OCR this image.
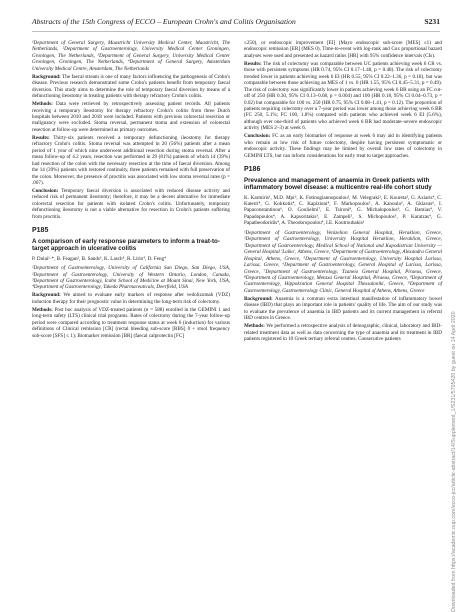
Abstracts of the 15th Congress of ECCO – European Crohn's and Colitis Organisation	S231

¹Department of General Surgery, Maastricht University Medical Center, Maastricht, The Netherlands, ²Department of Gastroenterology, University Medical Center Groningen, Groningen, The Netherlands, ³Department of General Surgery, University Medical Center Groningen, Groningen, The Netherlands, ⁴Department of General Surgery, Amsterdam University Medical Centre, Amsterdam, The Netherlands

Background: The faecal stream is one of many factors influencing the pathogenesis of Crohn's disease. Previous research demonstrated some Crohn's patients benefit from temporary faecal diversion. This study aims to determine the role of temporary faecal diversion by means of a defunctioning ileostomy in treating patients with therapy refractory Crohn's colitis.

Methods: Data were retrieved by retrospectively assessing patient records. All patients receiving a temporary ileostomy for therapy refractory Crohn's colitis from three Dutch hospitals between 2010 and 2018 were included. Patients with previous colorectal resection or malignancy were excluded. Stoma reversal, permanent stoma and extension of colorectal resection at follow-up were determined as primary outcomes.

Results: Thirty-six patients received a temporary defunctioning ileostomy for therapy refractory Crohn's colitis. Stoma reversal was attempted in 20 (56%) patients after a mean period of 1 year of which nine underwent additional resection during stoma reversal. After a mean follow-up of 4.2 years, resection was performed in 29 (81%) patients of which 14 (39%) had resection of the colon with the necessary resection at the time of faecal diversion. Among the 14 (39%) patients with restored continuity, three patients remained with full preservation of the colon. Moreover, the presence of proctitis was associated with low stoma reversal rates (p = .007).

Conclusion: Temporary faecal diversion is associated with reduced disease activity and reduced risk of permanent ileostomy; therefore, it may be a decent alternative for immediate colorectal resection for patients with isolated Crohn's colitis. Unfortunately, temporary defunctioning ileostomy is not a viable alternative for resection in Crohn's patients suffering from proctitis.

P185
A comparison of early response parameters to inform a treat-to-target approach in ulcerative colitis

P. Dulai¹·*, B. Feagan², B. Sands³, K. Lasch⁴, R. Lirio⁴, D. Feng⁴

¹Department of Gastroenterology, University of California San Diego, San Diego, USA, ²Department of Gastroenterology, University of Western Ontario, London, Canada, ³Department of Gastroenterology, Icahn School of Medicine at Mount Sinai, New York, USA, ⁴Department of Gastroenterology, Takeda Pharmaceuticals, Deerfield, USA

Background: We aimed to evaluate early markers of response after vedolizumab (VDZ) induction therapy for their prognostic value in determining the long-term risk of colectomy.

Methods: Post hoc analysis of VDZ-treated patients (n = 588) enrolled in the GEMINI 1 and long-term safety (LTS) clinical trial programs. Rates of colectomy during the 7-year follow-up period were compared according to treatment response status at week 6 (induction) for various definitions of Clinical remission [CR] (rectal bleeding sub-score [RBS] 0 + stool frequency sub-score [SFS] ≤ 1); Biomarker remission [BR] (faecal calprotectin [FC]

≤250), or endoscopic improvement [EI] (Mayo endoscopic sub-score [MES] ≤1) and endoscopic remission [ER] (MES 0). Time-to-event with log-rank and Cox proportional hazard analyses were used and presented as hazard ratios [HR] with 95% confidence intervals (CIs).

Results: The risk of colectomy was comparable between UC patients achieving week 6 CR vs. those with persistent symptoms (HR 0.74, 95% CI 0.17–1.48, p = 0.48). The risk of colectomy trended lower in patients achieving week 6 EI (HR 0.55, 95% CI 0.22–1.36, p = 0.18), but was comparable between those achieving an MES of 1 vs. 0 (HR 1.55, 95% CI 0.45–5.31, p = 0.49). The risk of colectomy was significantly lower in patients achieving week 6 BR using an FC cut-off of 250 (HR 0.30, 95% CI 0.13–0.68, p = 0.004) and 100 (HR 0.18, 95% CI 0.04–0.73, p = 0.02) but comparable for 100 vs. 250 (HR 0.75, 95% CI 0.08–1.41, p = 0.12). The proportion of patients requiring colectomy over a 7-year period was lower among those achieving week 6 BR (FC 250, 5.1%; FC 100, 1.8%) compared with patients who achieved week 6 EI (5.6%), although over one-third of patients who achieved week 6 BR had moderate–severe endoscopic activity (MES 2–3) at week 6.

Conclusion: FC as an early biomarker of response at week 6 may aid in identifying patients who remain at low risk of future colectomy, despite having persistent symptomatic or endoscopic activity. These findings may be limited by overall low rates of colectomy in GEMINI LTS, but can inform considerations for early treat to target approaches.

P186
Prevalence and management of anaemia in Greek patients with inflammatory bowel disease: a multicentre real-life cohort study

K. Karmiris¹, M.D. Mpr², K. Fotinogiannopoulou², M. Velegraki², E. Koureta³, G. Axiaris⁴, C. Katerri⁴, G. Kokkotis⁴, C. Kapizioni⁴, F. Markopoulos⁵, A. Kanoula⁶, A. Gklavas⁶, I. Papaconstantinou⁶, O. Goulielmi⁷, E. Tsironi⁸, G. Michalopoulos⁹, G. Bamias⁴, V. Papadopoulos⁴, A. Kapsoritakis³, E. Zampeli⁵, S. Michopoulos⁵, P. Karatzas⁴, G. Papatheodoridis⁴, A. Theodoropoulou⁴, I.E. Koutroubakis²

¹Department of Gastroenterology, Venizelion General Hospital, Heraklion, Greece, ²Department of Gastroenterology, University Hospital Heraklion, Heraklion, Greece, ³Department of Gastroenterology, Medical School of National and Kapodistrian University —General Hospital 'Laiko', Athens, Greece, ⁴Department of Gastroenterology, Alexandra General Hospital, Athens, Greece, ⁵Department of Gastroenterology, University Hospital Larissa, Larissa, Greece, ⁶Department of Gastroenterology, General Hospital of Larissa, Larissa, Greece, ⁷Department of Gastroenterology, Tzaneio General Hospital, Piraeus, Greece, ⁸Department of Gastroenterology, Metaxa General Hospital, Piraeus, Greece, ⁹Department of Gastroenterology, Hippokration General Hospital Thessaloniki, Greece, ⁹Department of Gastroenterology, Gastroenterology Clinic, General Hospital of Athens, Athens, Greece

Background: Anaemia is a common extra intestinal manifestation of inflammatory bowel disease (IBD) that plays an important role in patients' quality of life. The aim of our study was to evaluate the prevalence of anaemia in IBD patients and its current management in referral IBD centres in Greece.

Methods: We performed a retrospective analysis of demographic, clinical, laboratory and IBD-related treatment data as well as data concerning the type of anaemia and its treatment in IBD patients registered in 10 Greek tertiary referral centres. Consecutive patients	Downloaded from https://academic.oup.com/ecco-jcc/article-abstract/14/Supplement_1/S231/5705420 by guest on 14 April 2020
